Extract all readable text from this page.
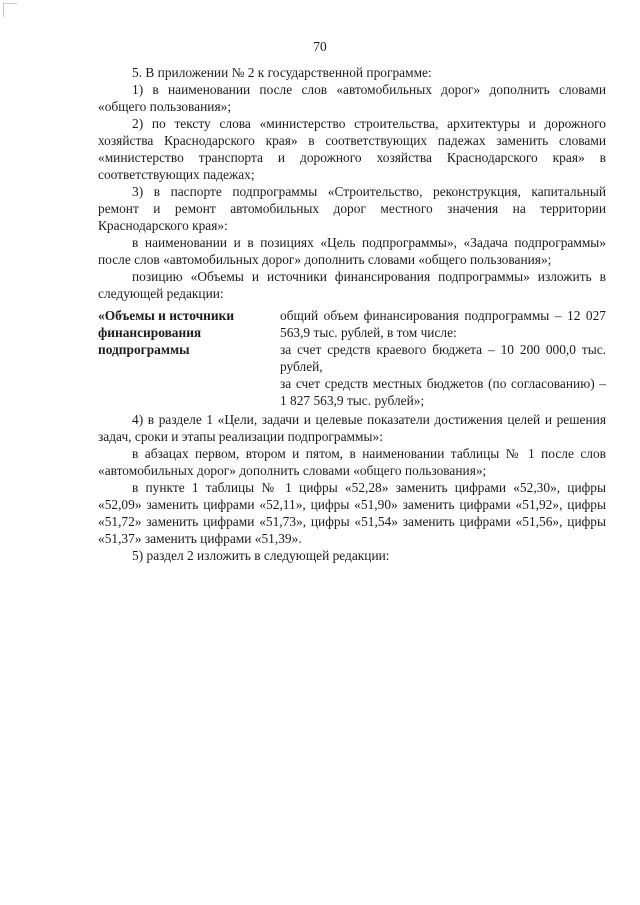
70

5. В приложении № 2 к государственной программе:

1) в наименовании после слов «автомобильных дорог» дополнить словами «общего пользования»;

2) по тексту слова «министерство строительства, архитектуры и дорожного хозяйства Краснодарского края» в соответствующих падежах заменить словами «министерство транспорта и дорожного хозяйства Краснодарского края» в соответствующих падежах;

3) в паспорте подпрограммы «Строительство, реконструкция, капитальный ремонт и ремонт автомобильных дорог местного значения на территории Краснодарского края»:

в наименовании и в позициях «Цель подпрограммы», «Задача подпрограммы» после слов «автомобильных дорог» дополнить словами «общего пользования»;

позицию «Объемы и источники финансирования подпрограммы» изложить в следующей редакции:

«Объемы и источники финансирования подпрограммы

общий объем финансирования подпрограммы – 12 027 563,9 тыс. рублей, в том числе:

за счет средств краевого бюджета – 10 200 000,0 тыс. рублей,

за счет средств местных бюджетов (по согласованию) – 1 827 563,9 тыс. рублей»;

4) в разделе 1 «Цели, задачи и целевые показатели достижения целей и решения задач, сроки и этапы реализации подпрограммы»:

в абзацах первом, втором и пятом, в наименовании таблицы № 1 после слов «автомобильных дорог» дополнить словами «общего пользования»;

в пункте 1 таблицы № 1 цифры «52,28» заменить цифрами «52,30», цифры «52,09» заменить цифрами «52,11», цифры «51,90» заменить цифрами «51,92», цифры «51,72» заменить цифрами «51,73», цифры «51,54» заменить цифрами «51,56», цифры «51,37» заменить цифрами «51,39».

5) раздел 2 изложить в следующей редакции:
